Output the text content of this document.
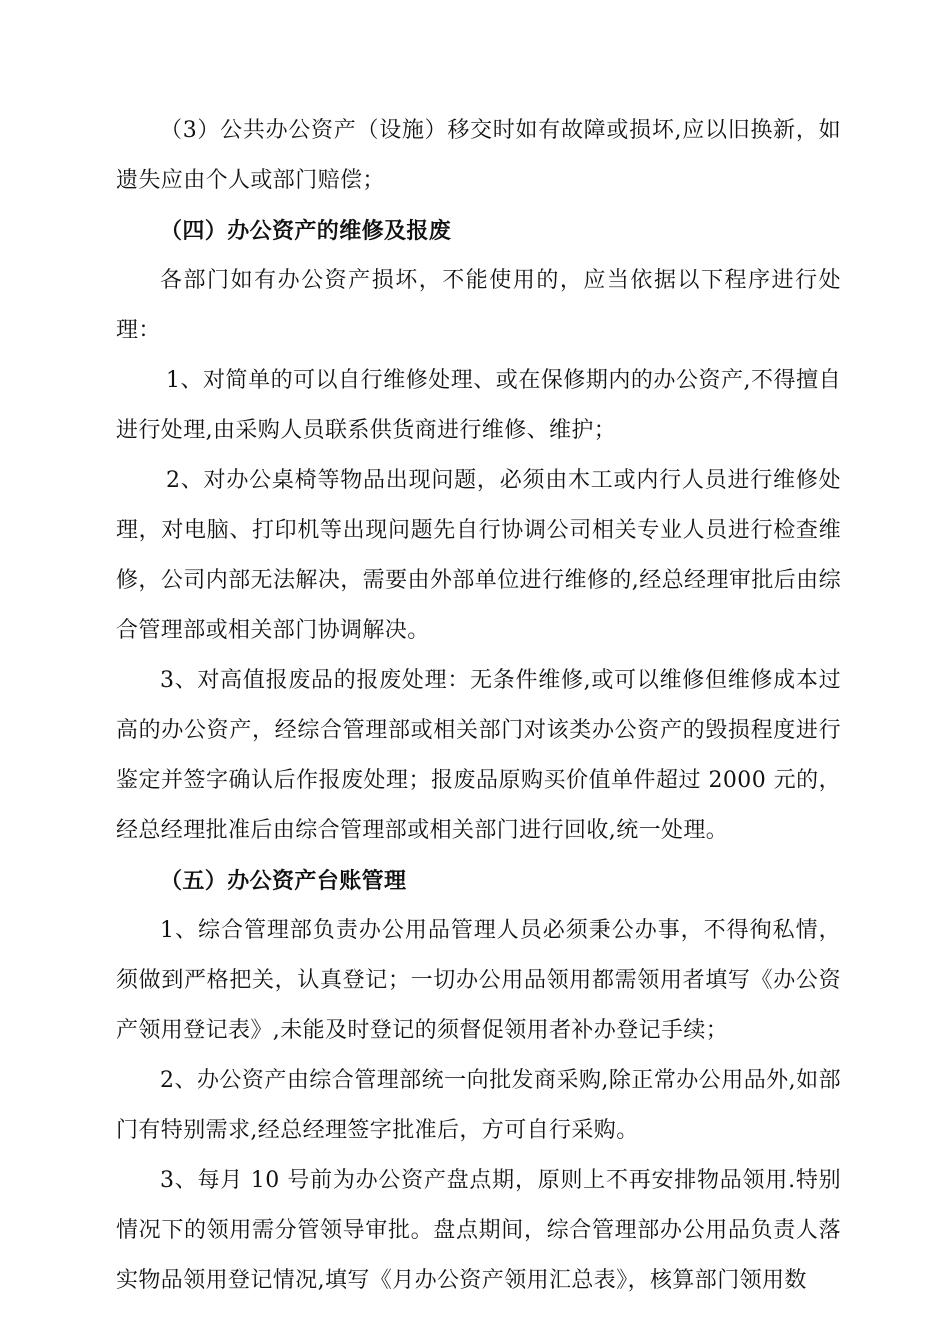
（3）公共办公资产（设施）移交时如有故障或损坏,应以旧换新，如遗失应由个人或部门赔偿；

（四）办公资产的维修及报废

各部门如有办公资产损坏，不能使用的，应当依据以下程序进行处理：

1、对简单的可以自行维修处理、或在保修期内的办公资产,不得擅自进行处理,由采购人员联系供货商进行维修、维护；

2、对办公桌椅等物品出现问题，必须由木工或内行人员进行维修处理，对电脑、打印机等出现问题先自行协调公司相关专业人员进行检查维修，公司内部无法解决，需要由外部单位进行维修的,经总经理审批后由综合管理部或相关部门协调解决。

3、对高值报废品的报废处理：无条件维修,或可以维修但维修成本过高的办公资产，经综合管理部或相关部门对该类办公资产的毁损程度进行鉴定并签字确认后作报废处理；报废品原购买价值单件超过 2000 元的，经总经理批准后由综合管理部或相关部门进行回收,统一处理。

（五）办公资产台账管理

1、综合管理部负责办公用品管理人员必须秉公办事，不得徇私情，须做到严格把关，认真登记；一切办公用品领用都需领用者填写《办公资产领用登记表》,未能及时登记的须督促领用者补办登记手续；

2、办公资产由综合管理部统一向批发商采购,除正常办公用品外,如部门有特别需求,经总经理签字批准后，方可自行采购。

3、每月 10 号前为办公资产盘点期，原则上不再安排物品领用.特别情况下的领用需分管领导审批。盘点期间，综合管理部办公用品负责人落实物品领用登记情况,填写《月办公资产领用汇总表》，核算部门领用数
